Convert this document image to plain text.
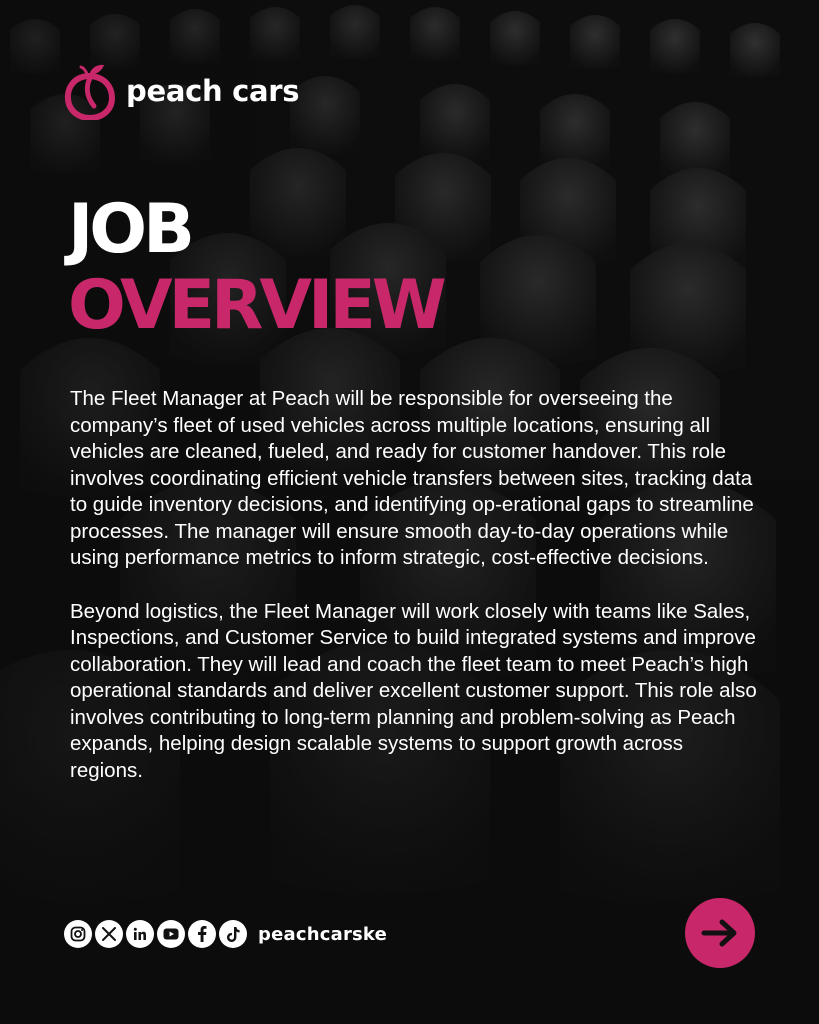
peach cars
JOB
OVERVIEW

The Fleet Manager at Peach will be responsible for overseeing the company’s fleet of used vehicles across multiple locations, ensuring all vehicles are cleaned, fueled, and ready for customer handover. This role involves coordinating efficient vehicle transfers between sites, tracking data to guide inventory decisions, and identifying op-erational gaps to streamline processes. The manager will ensure smooth day-to-day operations while using performance metrics to inform strategic, cost-effective decisions.

Beyond logistics, the Fleet Manager will work closely with teams like Sales, Inspections, and Customer Service to build integrated systems and improve collaboration. They will lead and coach the fleet team to meet Peach’s high operational standards and deliver excellent customer support. This role also involves contributing to long-term planning and problem-solving as Peach expands, helping design scalable systems to support growth across regions.

peachcarske
